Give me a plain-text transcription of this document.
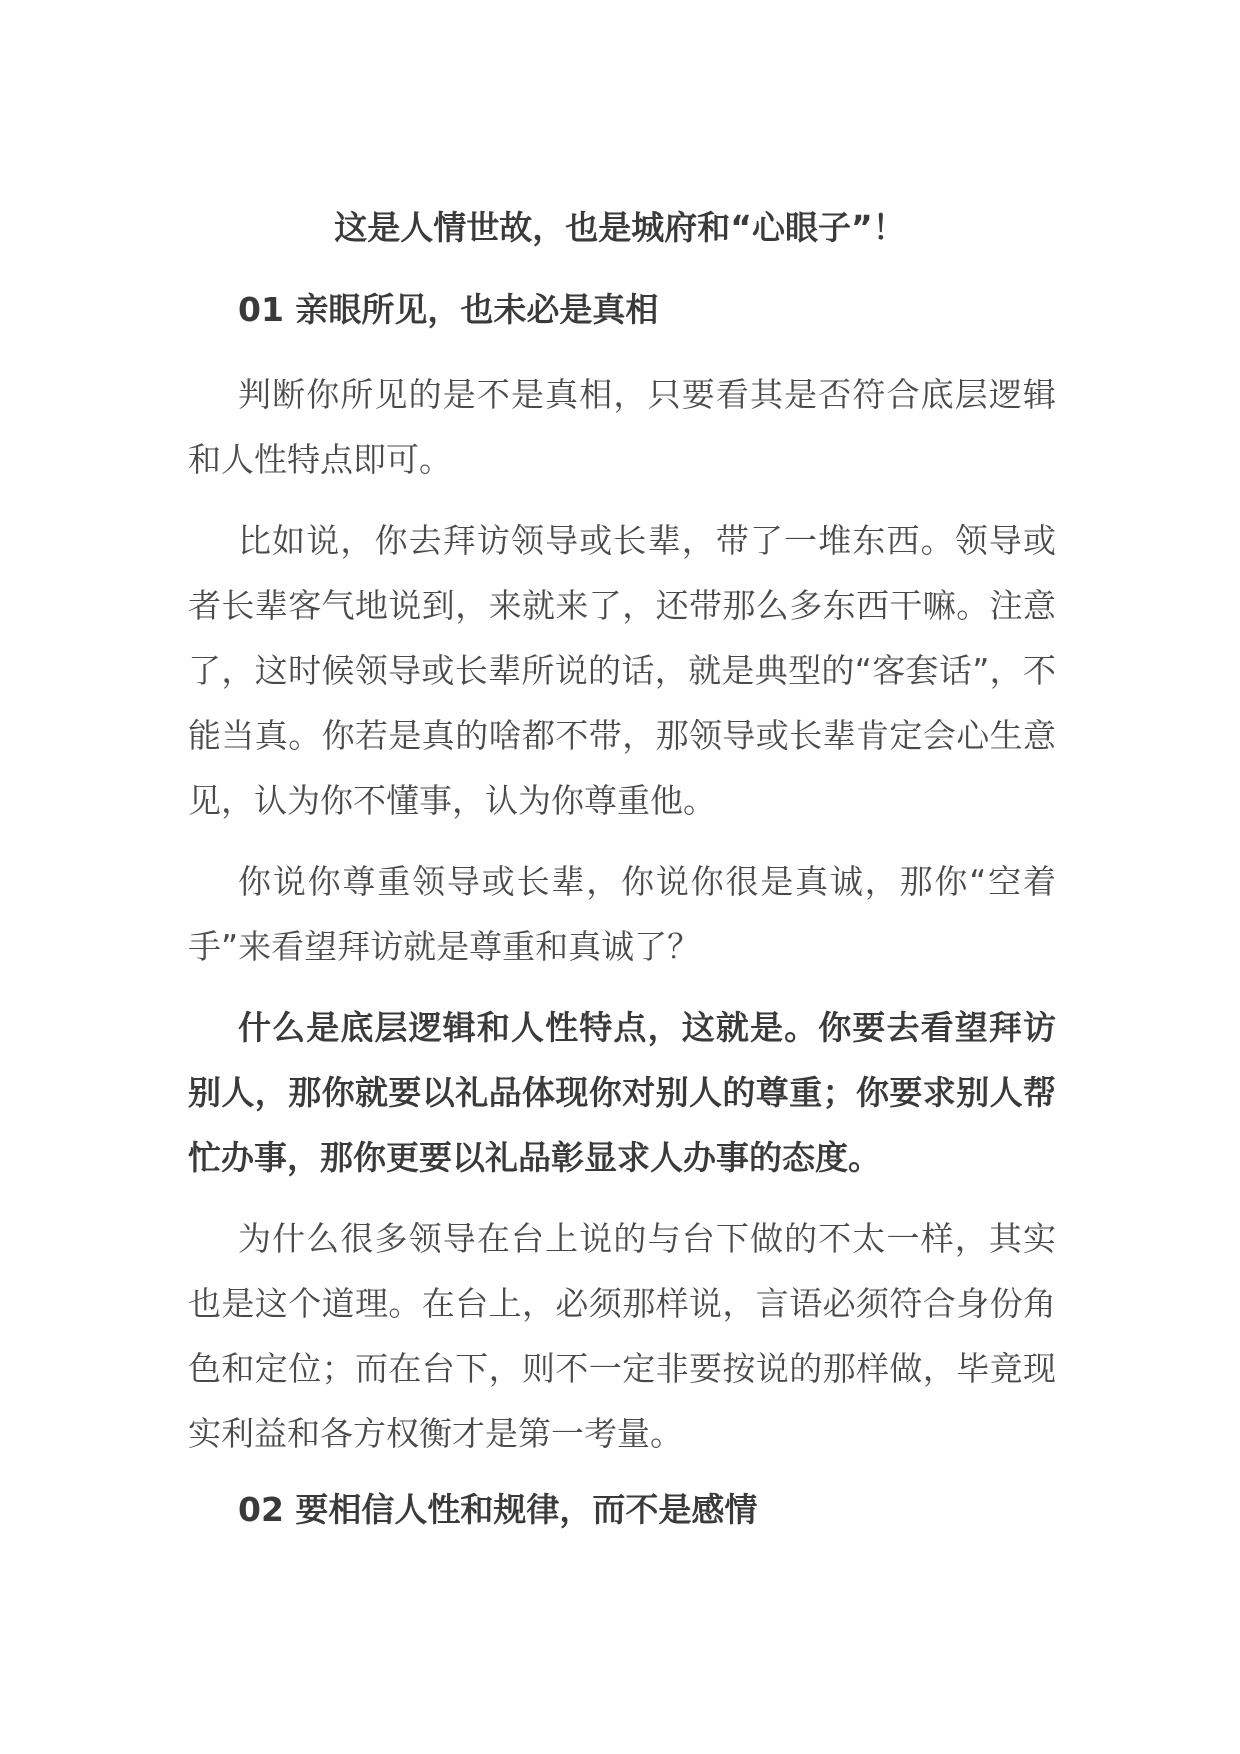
这是人情世故，也是城府和“心眼子”！
01 亲眼所见，也未必是真相

判断你所见的是不是真相，只要看其是否符合底层逻辑和人性特点即可。

比如说，你去拜访领导或长辈，带了一堆东西。领导或者长辈客气地说到，来就来了，还带那么多东西干嘛。注意了，这时候领导或长辈所说的话，就是典型的“客套话”，不能当真。你若是真的啥都不带，那领导或长辈肯定会心生意见，认为你不懂事，认为你尊重他。

你说你尊重领导或长辈，你说你很是真诚，那你“空着手”来看望拜访就是尊重和真诚了？

什么是底层逻辑和人性特点，这就是。你要去看望拜访别人，那你就要以礼品体现你对别人的尊重；你要求别人帮忙办事，那你更要以礼品彰显求人办事的态度。

为什么很多领导在台上说的与台下做的不太一样，其实也是这个道理。在台上，必须那样说，言语必须符合身份角色和定位；而在台下，则不一定非要按说的那样做，毕竟现实利益和各方权衡才是第一考量。

02 要相信人性和规律，而不是感情
